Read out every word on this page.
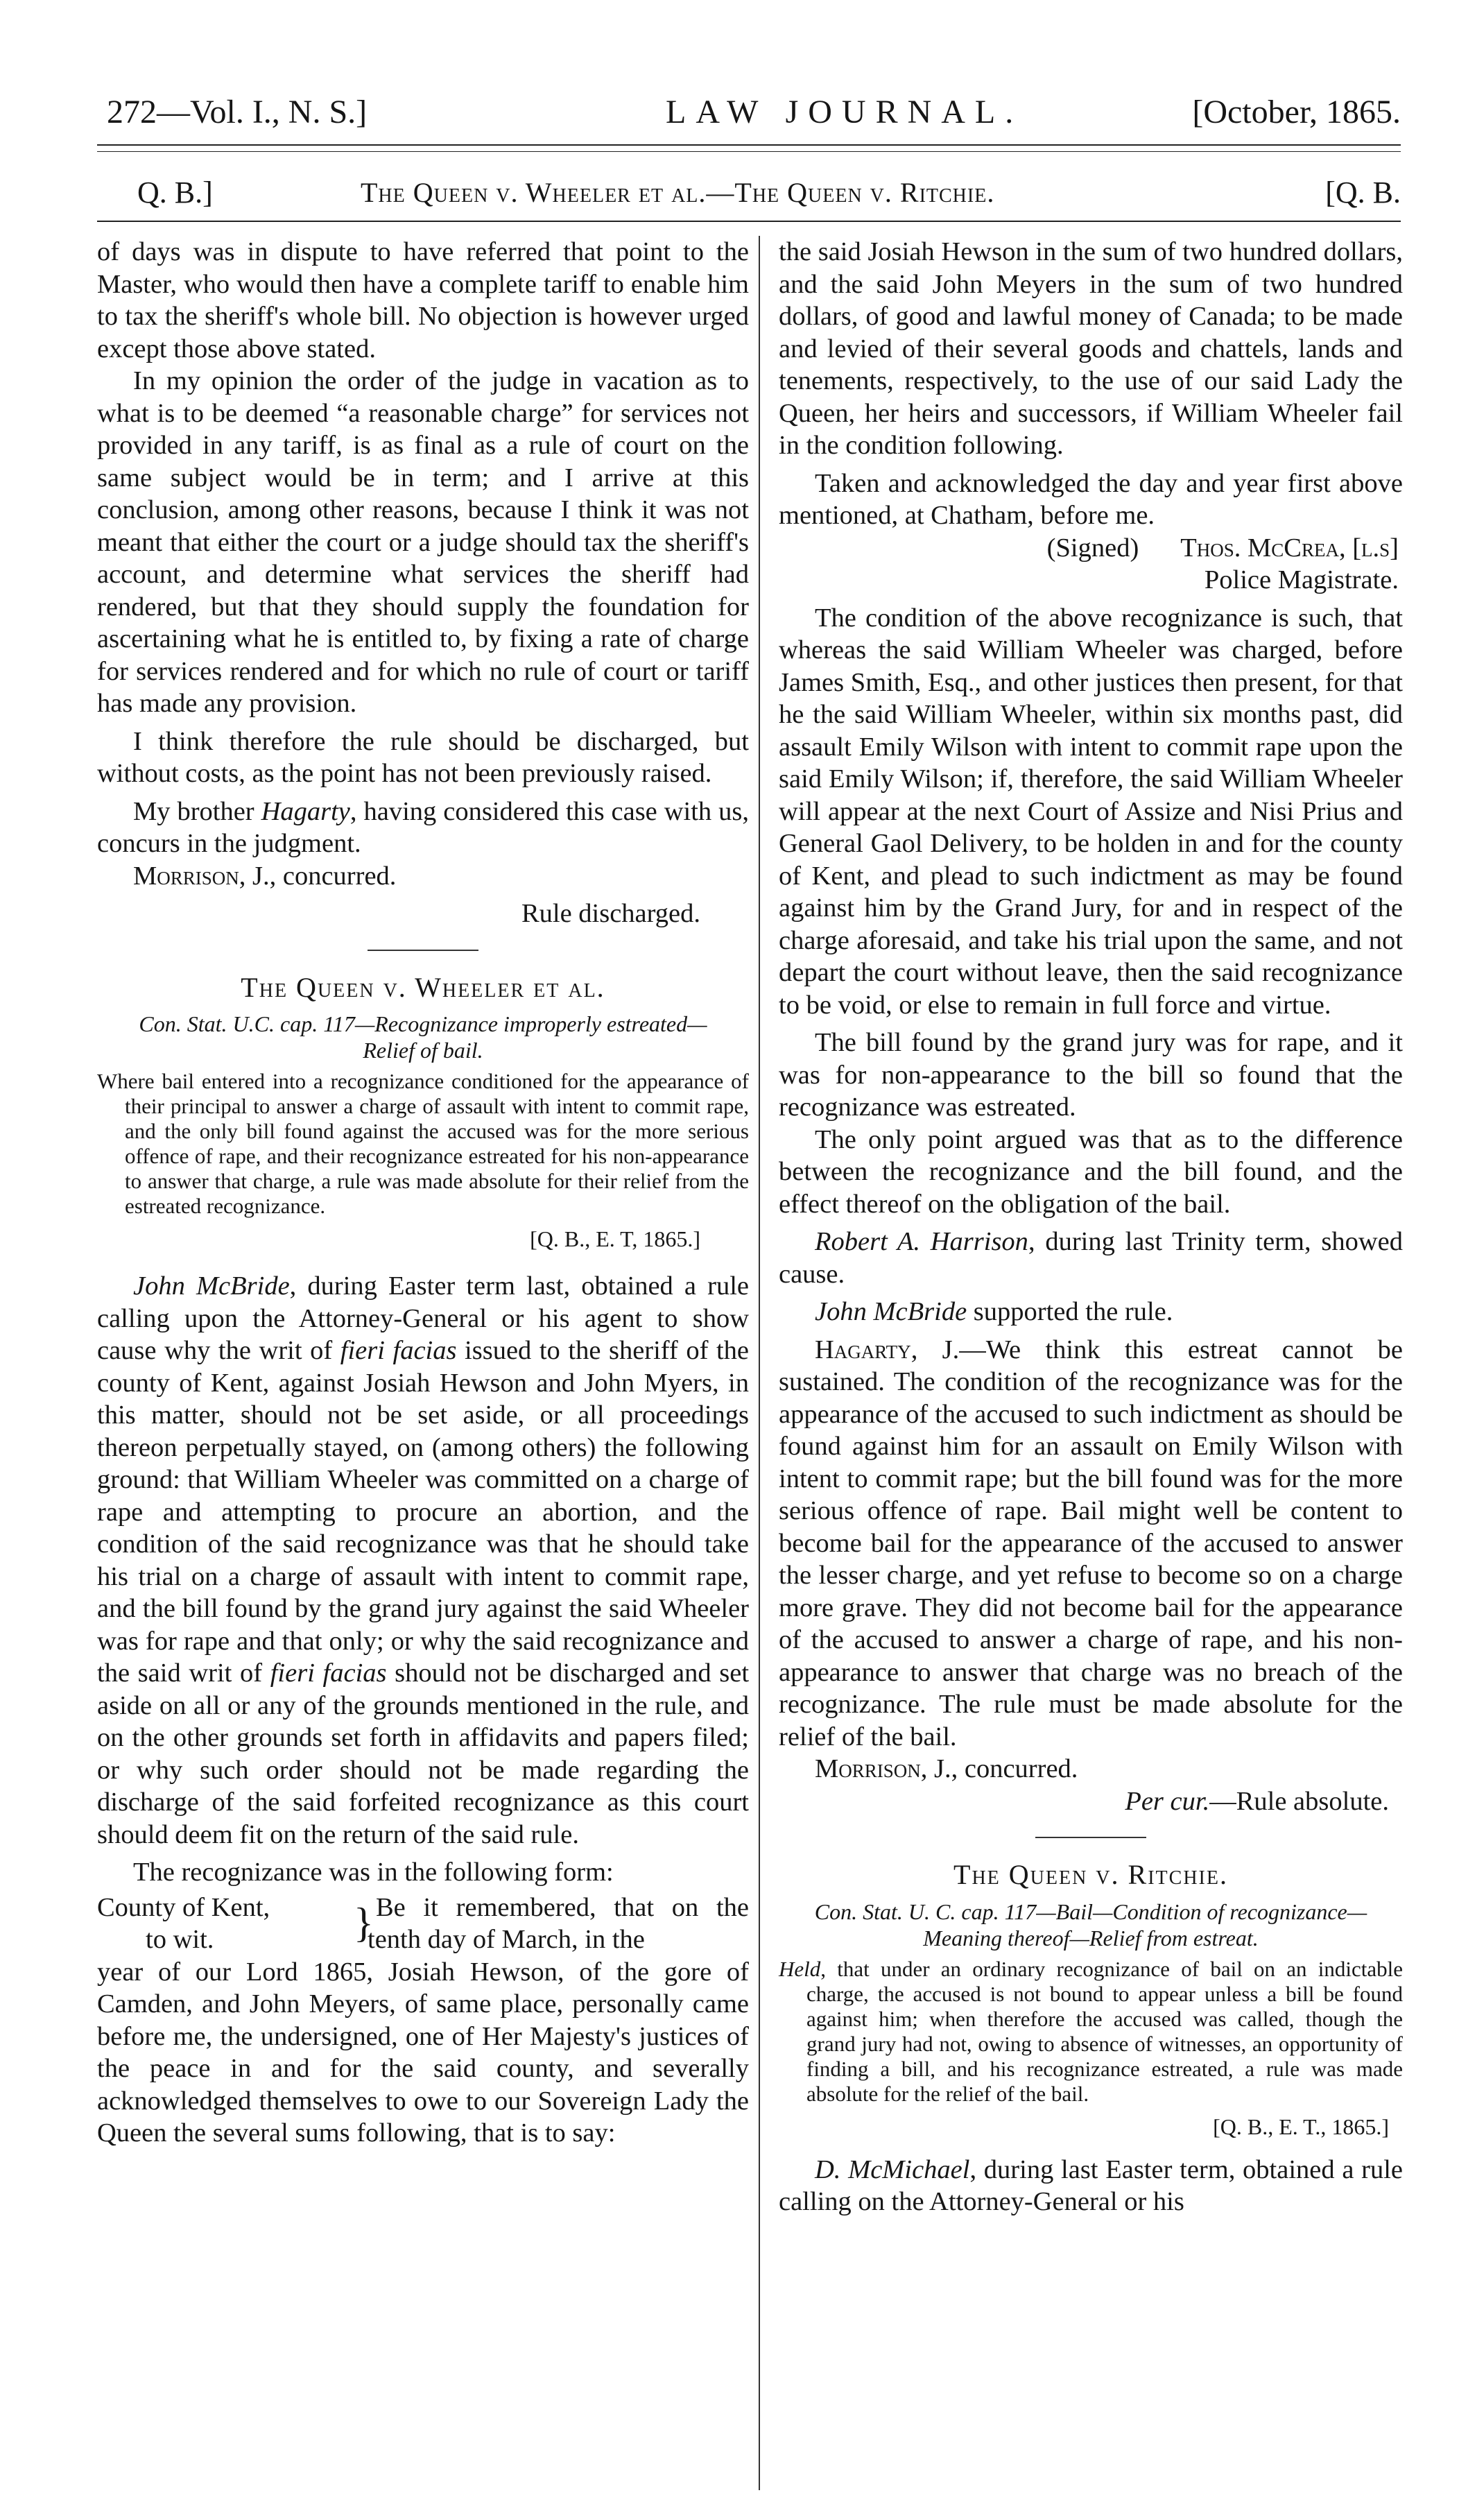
272—Vol. I., N. S.]	LAW JOURNAL.	[October, 1865.
Q. B.]	The Queen v. Wheeler et al.—The Queen v. Ritchie.	[Q. B.

of days was in dispute to have referred that point to the Master, who would then have a complete tariff to enable him to tax the sheriff's whole bill. No objection is however urged except those above stated.

In my opinion the order of the judge in vacation as to what is to be deemed “a reasonable charge” for services not provided in any tariff, is as final as a rule of court on the same subject would be in term; and I arrive at this conclusion, among other reasons, because I think it was not meant that either the court or a judge should tax the sheriff's account, and determine what services the sheriff had rendered, but that they should supply the foundation for ascertaining what he is entitled to, by fixing a rate of charge for services rendered and for which no rule of court or tariff has made any provision.

I think therefore the rule should be discharged, but without costs, as the point has not been previously raised.

My brother Hagarty, having considered this case with us, concurs in the judgment.

Morrison, J., concurred.

Rule discharged.

The Queen v. Wheeler et al.

Con. Stat. U.C. cap. 117—Recognizance improperly estreated—Relief of bail.

Where bail entered into a recognizance conditioned for the appearance of their principal to answer a charge of assault with intent to commit rape, and the only bill found against the accused was for the more serious offence of rape, and their recognizance estreated for his non-appearance to answer that charge, a rule was made absolute for their relief from the estreated recognizance.

[Q. B., E. T, 1865.]

John McBride, during Easter term last, obtained a rule calling upon the Attorney-General or his agent to show cause why the writ of fieri facias issued to the sheriff of the county of Kent, against Josiah Hewson and John Myers, in this matter, should not be set aside, or all proceedings thereon perpetually stayed, on (among others) the following ground: that William Wheeler was committed on a charge of rape and attempting to procure an abortion, and the condition of the said recognizance was that he should take his trial on a charge of assault with intent to commit rape, and the bill found by the grand jury against the said Wheeler was for rape and that only; or why the said recognizance and the said writ of fieri facias should not be discharged and set aside on all or any of the grounds mentioned in the rule, and on the other grounds set forth in affidavits and papers filed; or why such order should not be made regarding the discharge of the said forfeited recognizance as this court should deem fit on the return of the said rule.

The recognizance was in the following form:

County of Kent,
to wit.	} Be it remembered, that on the tenth day of March, in the

year of our Lord 1865, Josiah Hewson, of the gore of Camden, and John Meyers, of same place, personally came before me, the undersigned, one of Her Majesty's justices of the peace in and for the said county, and severally acknowledged themselves to owe to our Sovereign Lady the Queen the several sums following, that is to say:

the said Josiah Hewson in the sum of two hundred dollars, and the said John Meyers in the sum of two hundred dollars, of good and lawful money of Canada; to be made and levied of their several goods and chattels, lands and tenements, respectively, to the use of our said Lady the Queen, her heirs and successors, if William Wheeler fail in the condition following.

Taken and acknowledged the day and year first above mentioned, at Chatham, before me.

(Signed) Thos. McCrea, [l.s]

Police Magistrate.

The condition of the above recognizance is such, that whereas the said William Wheeler was charged, before James Smith, Esq., and other justices then present, for that he the said William Wheeler, within six months past, did assault Emily Wilson with intent to commit rape upon the said Emily Wilson; if, therefore, the said William Wheeler will appear at the next Court of Assize and Nisi Prius and General Gaol Delivery, to be holden in and for the county of Kent, and plead to such indictment as may be found against him by the Grand Jury, for and in respect of the charge aforesaid, and take his trial upon the same, and not depart the court without leave, then the said recognizance to be void, or else to remain in full force and virtue.

The bill found by the grand jury was for rape, and it was for non-appearance to the bill so found that the recognizance was estreated.

The only point argued was that as to the difference between the recognizance and the bill found, and the effect thereof on the obligation of the bail.

Robert A. Harrison, during last Trinity term, showed cause.

John McBride supported the rule.

Hagarty, J.—We think this estreat cannot be sustained. The condition of the recognizance was for the appearance of the accused to such indictment as should be found against him for an assault on Emily Wilson with intent to commit rape; but the bill found was for the more serious offence of rape. Bail might well be content to become bail for the appearance of the accused to answer the lesser charge, and yet refuse to become so on a charge more grave. They did not become bail for the appearance of the accused to answer a charge of rape, and his non-appearance to answer that charge was no breach of the recognizance. The rule must be made absolute for the relief of the bail.

Morrison, J., concurred.

Per cur.—Rule absolute.

The Queen v. Ritchie.

Con. Stat. U. C. cap. 117—Bail—Condition of recognizance—Meaning thereof—Relief from estreat.

Held, that under an ordinary recognizance of bail on an indictable charge, the accused is not bound to appear unless a bill be found against him; when therefore the accused was called, though the grand jury had not, owing to absence of witnesses, an opportunity of finding a bill, and his recognizance estreated, a rule was made absolute for the relief of the bail.

[Q. B., E. T., 1865.]

D. McMichael, during last Easter term, obtained a rule calling on the Attorney-General or his
